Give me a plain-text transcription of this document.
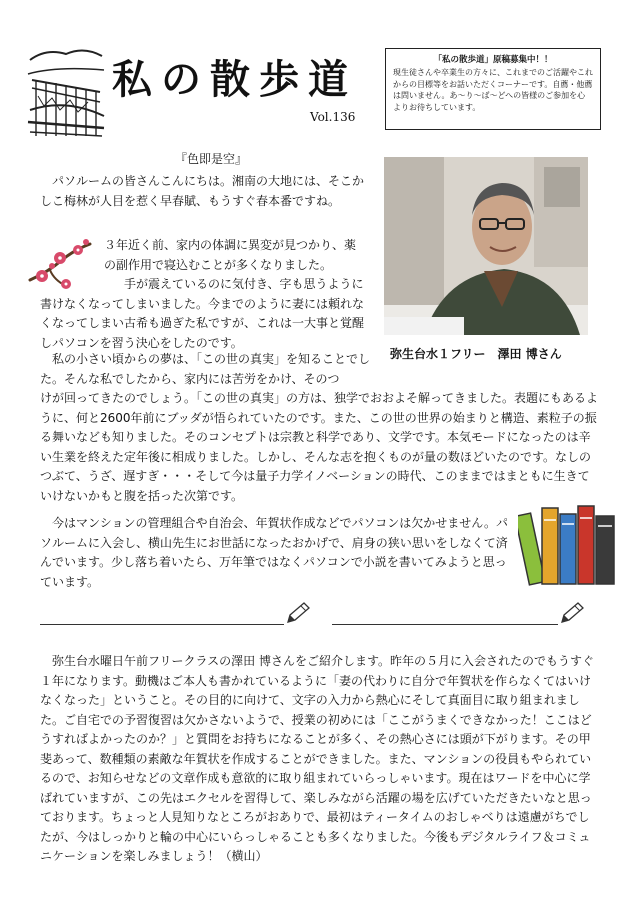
私の散歩道
Vol.136
「私の散歩道」原稿募集中！！
現生徒さんや卒業生の方々に、これまでのご活躍やこれからの目標等をお話いただくコーナーです。自薦・他薦は問いません。あ～り～ば～どへの皆様のご参加を心よりお待ちしています。
『色即是空』

　パソルームの皆さんこんにちは。湘南の大地には、そこかしこ梅林が人目を惹く早春賦、もうすぐ春本番ですね。

３年近く前、家内の体調に異変が見つかり、薬の副作用で寝込むことが多くなりました。

手が震えているのに気付き、字も思うように書けなくなってしまいました。今までのように妻には頼れなくなってしまい古希も過ぎた私ですが、これは一大事と覚醒しパソコンを習う決心をしたのです。

弥生台水１フリー　澤田 博さん

　私の小さい頃からの夢は、「この世の真実」を知ることでした。そんな私でしたから、家内には苦労をかけ、そのつ

けが回ってきたのでしょう。「この世の真実」の方は、独学でおおよそ解ってきました。表題にもあるように、何と2600年前にブッダが悟られていたのです。また、この世の世界の始まりと構造、素粒子の振る舞いなども知りました。そのコンセプトは宗教と科学であり、文学です。本気モードになったのは辛い生業を終えた定年後に相成りました。しかし、そんな志を抱くものが量の数ほどいたのです。なしのつぶて、うざ、遅すぎ・・・そして今は量子力学イノベーションの時代、このままではまともに生きていけないかもと腹を括った次第です。

　今はマンションの管理組合や自治会、年賀状作成などでパソコンは欠かせません。パソルームに入会し、横山先生にお世話になったおかげで、肩身の狭い思いをしなくて済んでいます。少し落ち着いたら、万年筆ではなくパソコンで小説を書いてみようと思っています。

　弥生台水曜日午前フリークラスの澤田 博さんをご紹介します。昨年の５月に入会されたのでもうすぐ１年になります。動機はご本人も書かれているように「妻の代わりに自分で年賀状を作らなくてはいけなくなった」ということ。その目的に向けて、文字の入力から熱心にそして真面目に取り組まれました。ご自宅での予習復習は欠かさないようで、授業の初めには「ここがうまくできなかった！ここはどうすればよかったのか？」と質問をお持ちになることが多く、その熱心さには頭が下がります。その甲斐あって、数種類の素敵な年賀状を作成することができました。また、マンションの役員もやられているので、お知らせなどの文章作成も意欲的に取り組まれていらっしゃいます。現在はワードを中心に学ばれていますが、この先はエクセルを習得して、楽しみながら活躍の場を広げていただきたいなと思っております。ちょっと人見知りなところがおありで、最初はティータイムのおしゃべりは遠慮がちでしたが、今はしっかりと輪の中心にいらっしゃることも多くなりました。今後もデジタルライフ＆コミュニケーションを楽しみましょう！（横山）
